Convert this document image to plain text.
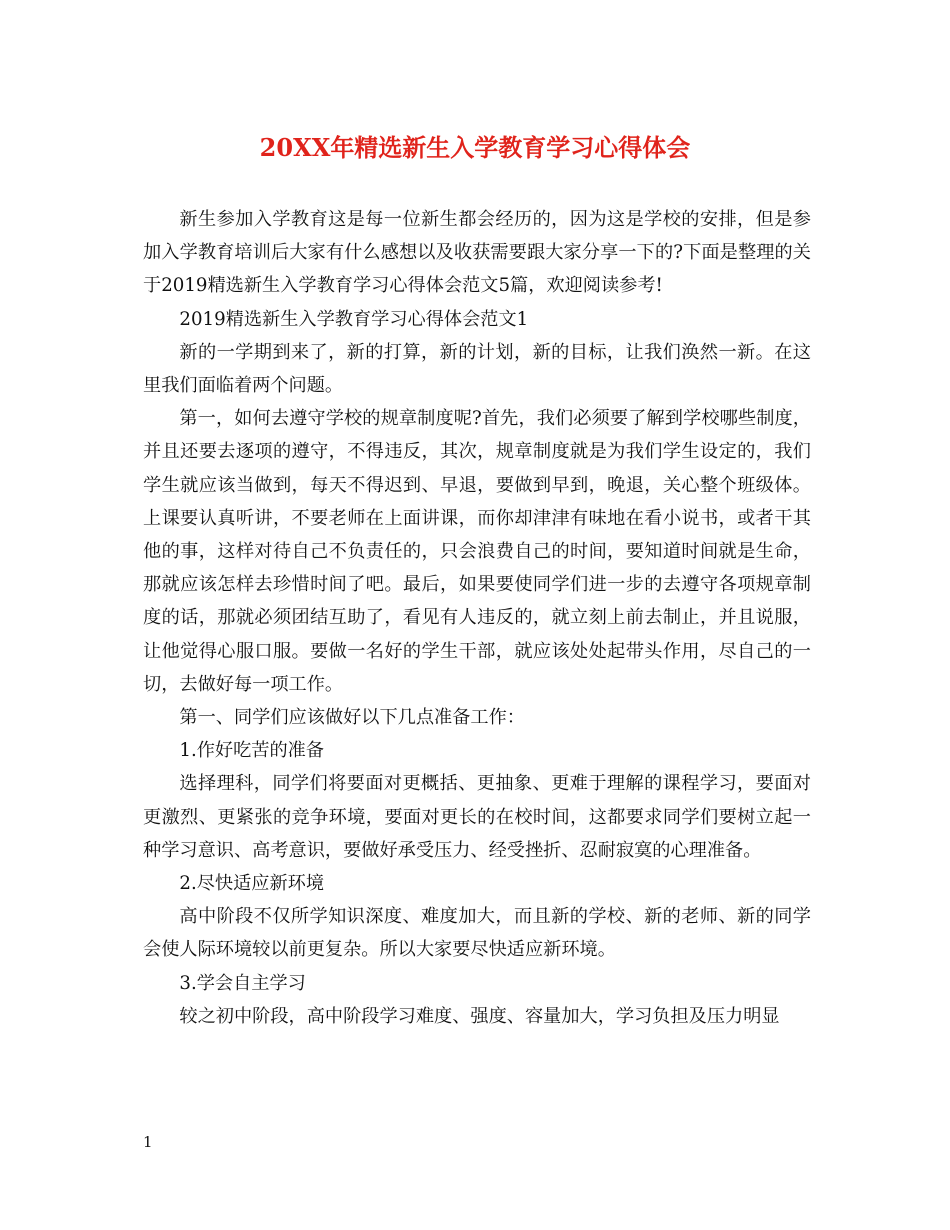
20XX年精选新生入学教育学习心得体会

新生参加入学教育这是每一位新生都会经历的，因为这是学校的安排，但是参加入学教育培训后大家有什么感想以及收获需要跟大家分享一下的?下面是整理的关于2019精选新生入学教育学习心得体会范文5篇，欢迎阅读参考!

2019精选新生入学教育学习心得体会范文1

新的一学期到来了，新的打算，新的计划，新的目标，让我们涣然一新。在这里我们面临着两个问题。

第一，如何去遵守学校的规章制度呢?首先，我们必须要了解到学校哪些制度，并且还要去逐项的遵守，不得违反，其次，规章制度就是为我们学生设定的，我们学生就应该当做到，每天不得迟到、早退，要做到早到，晚退，关心整个班级体。上课要认真听讲，不要老师在上面讲课，而你却津津有味地在看小说书，或者干其他的事，这样对待自己不负责任的，只会浪费自己的时间，要知道时间就是生命，那就应该怎样去珍惜时间了吧。最后，如果要使同学们进一步的去遵守各项规章制度的话，那就必须团结互助了，看见有人违反的，就立刻上前去制止，并且说服，让他觉得心服口服。要做一名好的学生干部，就应该处处起带头作用，尽自己的一切，去做好每一项工作。

第一、同学们应该做好以下几点准备工作：

1.作好吃苦的准备

选择理科，同学们将要面对更概括、更抽象、更难于理解的课程学习，要面对更激烈、更紧张的竞争环境，要面对更长的在校时间，这都要求同学们要树立起一种学习意识、高考意识，要做好承受压力、经受挫折、忍耐寂寞的心理准备。

2.尽快适应新环境

高中阶段不仅所学知识深度、难度加大，而且新的学校、新的老师、新的同学会使人际环境较以前更复杂。所以大家要尽快适应新环境。

3.学会自主学习

较之初中阶段，高中阶段学习难度、强度、容量加大，学习负担及压力明显

1
